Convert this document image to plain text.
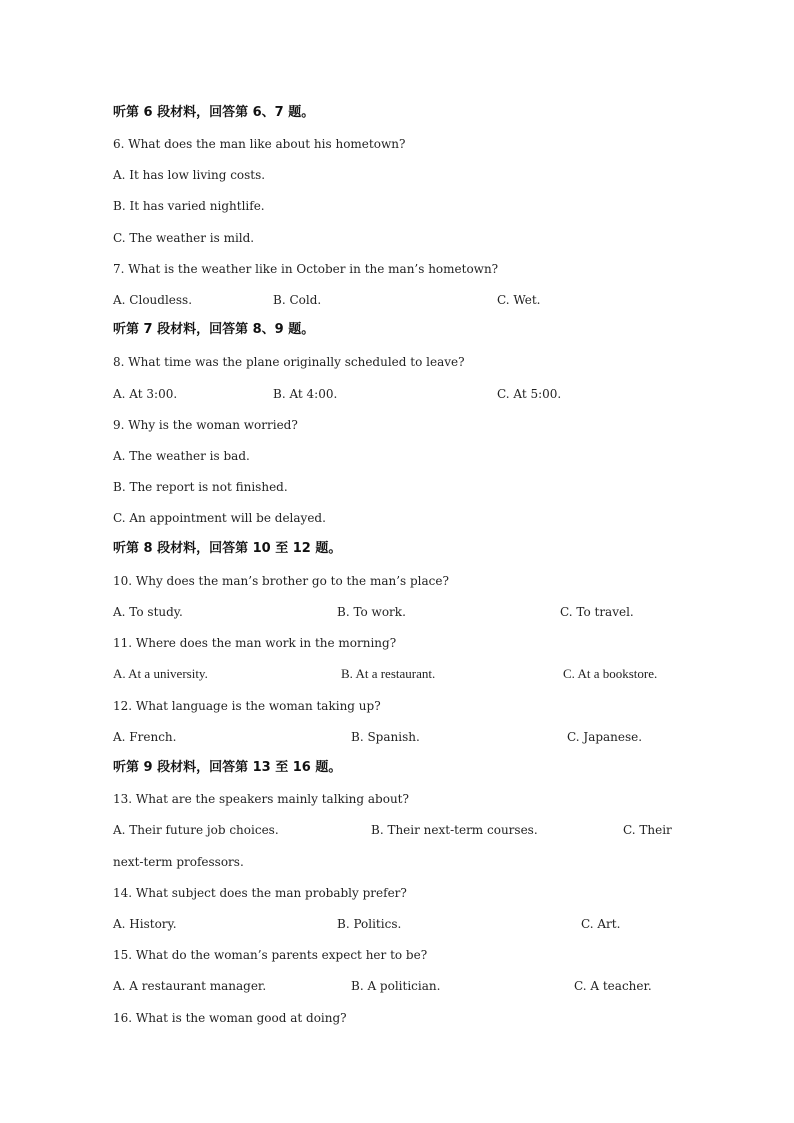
听第 6 段材料，回答第 6、7 题。
6. What does the man like about his hometown?
A. It has low living costs.
B. It has varied nightlife.
C. The weather is mild.
7. What is the weather like in October in the man’s hometown?
A. Cloudless.	B. Cold.	C. Wet.
听第 7 段材料，回答第 8、9 题。
8. What time was the plane originally scheduled to leave?
A. At 3:00.	B. At 4:00.	C. At 5:00.
9. Why is the woman worried?
A. The weather is bad.
B. The report is not finished.
C. An appointment will be delayed.
听第 8 段材料，回答第 10 至 12 题。
10. Why does the man’s brother go to the man’s place?
A. To study.	B. To work.	C. To travel.
11. Where does the man work in the morning?
A. At a university.	B. At a restaurant.	C. At a bookstore.
12. What language is the woman taking up?
A. French.	B. Spanish.	C. Japanese.
听第 9 段材料，回答第 13 至 16 题。
13. What are the speakers mainly talking about?
A. Their future job choices.	B. Their next-term courses.	C. Their
next-term professors.
14. What subject does the man probably prefer?
A. History.	B. Politics.	C. Art.
15. What do the woman’s parents expect her to be?
A. A restaurant manager.	B. A politician.	C. A teacher.
16. What is the woman good at doing?
